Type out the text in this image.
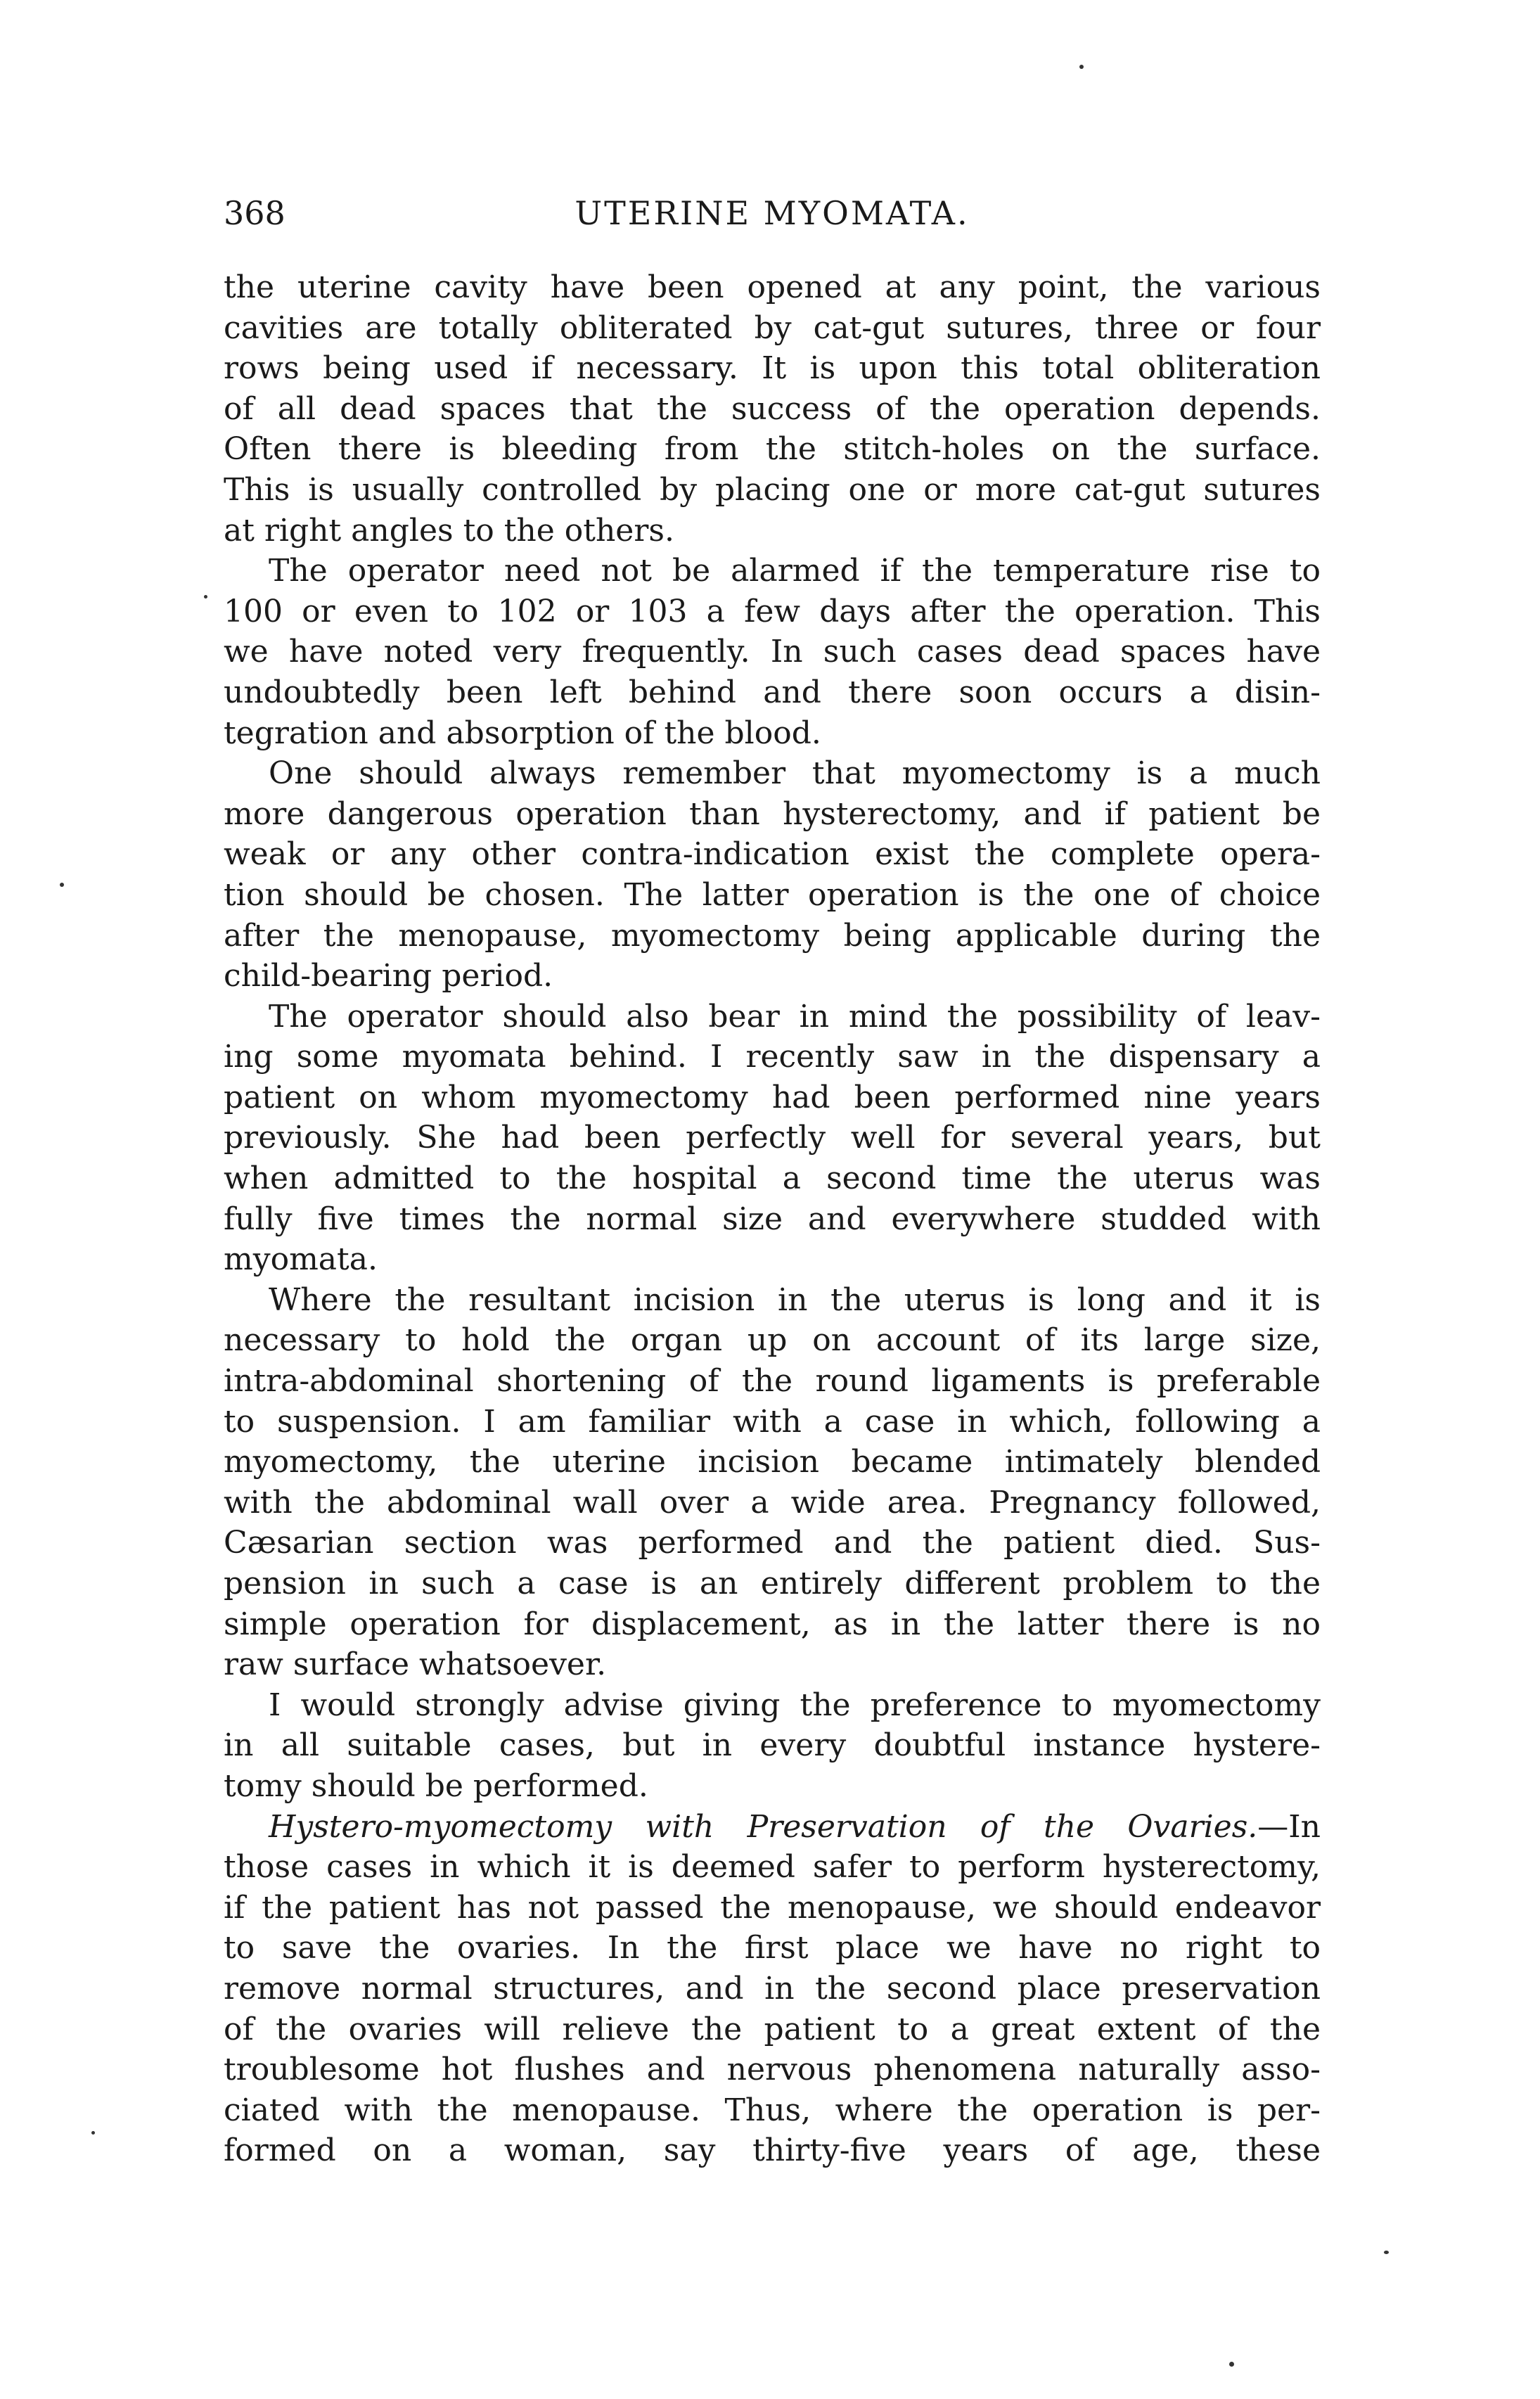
368	UTERINE MYOMATA.
the uterine cavity have been opened at any point, the various
cavities are totally obliterated by cat-gut sutures, three or four
rows being used if necessary. It is upon this total obliteration
of all dead spaces that the success of the operation depends.
Often there is bleeding from the stitch-holes on the surface.
This is usually controlled by placing one or more cat-gut sutures
at right angles to the others.
The operator need not be alarmed if the temperature rise to
100 or even to 102 or 103 a few days after the operation. This
we have noted very frequently. In such cases dead spaces have
undoubtedly been left behind and there soon occurs a disin-
tegration and absorption of the blood.
One should always remember that myomectomy is a much
more dangerous operation than hysterectomy, and if patient be
weak or any other contra-indication exist the complete opera-
tion should be chosen. The latter operation is the one of choice
after the menopause, myomectomy being applicable during the
child-bearing period.
The operator should also bear in mind the possibility of leav-
ing some myomata behind. I recently saw in the dispensary a
patient on whom myomectomy had been performed nine years
previously. She had been perfectly well for several years, but
when admitted to the hospital a second time the uterus was
fully five times the normal size and everywhere studded with
myomata.
Where the resultant incision in the uterus is long and it is
necessary to hold the organ up on account of its large size,
intra-abdominal shortening of the round ligaments is preferable
to suspension. I am familiar with a case in which, following a
myomectomy, the uterine incision became intimately blended
with the abdominal wall over a wide area. Pregnancy followed,
Cæsarian section was performed and the patient died. Sus-
pension in such a case is an entirely different problem to the
simple operation for displacement, as in the latter there is no
raw surface whatsoever.
I would strongly advise giving the preference to myomectomy
in all suitable cases, but in every doubtful instance hystere-
tomy should be performed.
Hystero-myomectomy with Preservation of the Ovaries.—In
those cases in which it is deemed safer to perform hysterectomy,
if the patient has not passed the menopause, we should endeavor
to save the ovaries. In the first place we have no right to
remove normal structures, and in the second place preservation
of the ovaries will relieve the patient to a great extent of the
troublesome hot flushes and nervous phenomena naturally asso-
ciated with the menopause. Thus, where the operation is per-
formed on a woman, say thirty-five years of age, these
